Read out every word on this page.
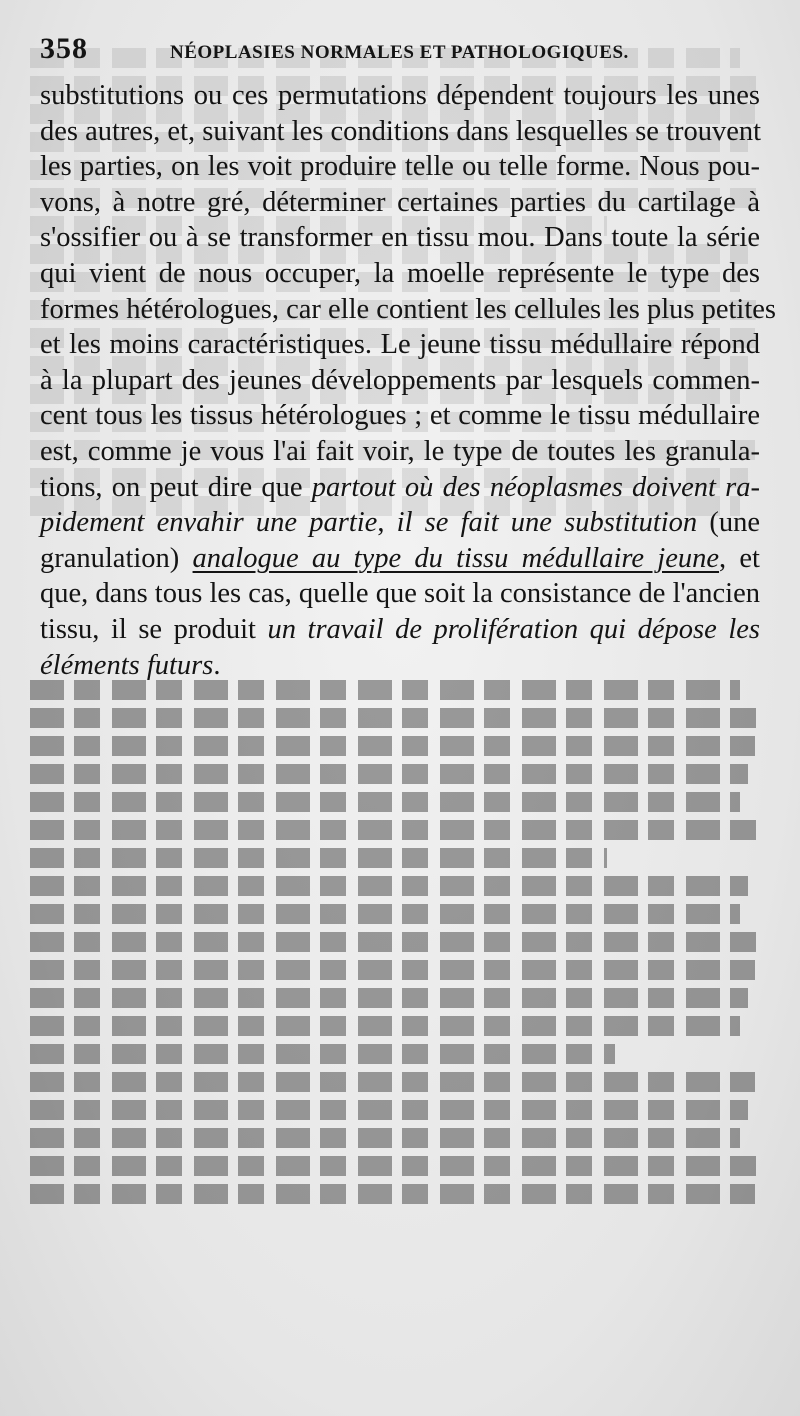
358	NÉOPLASIES NORMALES ET PATHOLOGIQUES.
substitutions ou ces permutations dépendent toujours les unes
des autres, et, suivant les conditions dans lesquelles se trouvent
les parties, on les voit produire telle ou telle forme. Nous pou-
vons, à notre gré, déterminer certaines parties du cartilage à
s'ossifier ou à se transformer en tissu mou. Dans toute la série
qui vient de nous occuper, la moelle représente le type des
formes hétérologues, car elle contient les cellules les plus petites
et les moins caractéristiques. Le jeune tissu médullaire répond
à la plupart des jeunes développements par lesquels commen-
cent tous les tissus hétérologues ; et comme le tissu médullaire
est, comme je vous l'ai fait voir, le type de toutes les granula-
tions, on peut dire que partout où des néoplasmes doivent ra-
pidement envahir une partie, il se fait une substitution (une
granulation) analogue au type du tissu médullaire jeune, et
que, dans tous les cas, quelle que soit la consistance de l'ancien
tissu, il se produit un travail de prolifération qui dépose les
éléments futurs.
